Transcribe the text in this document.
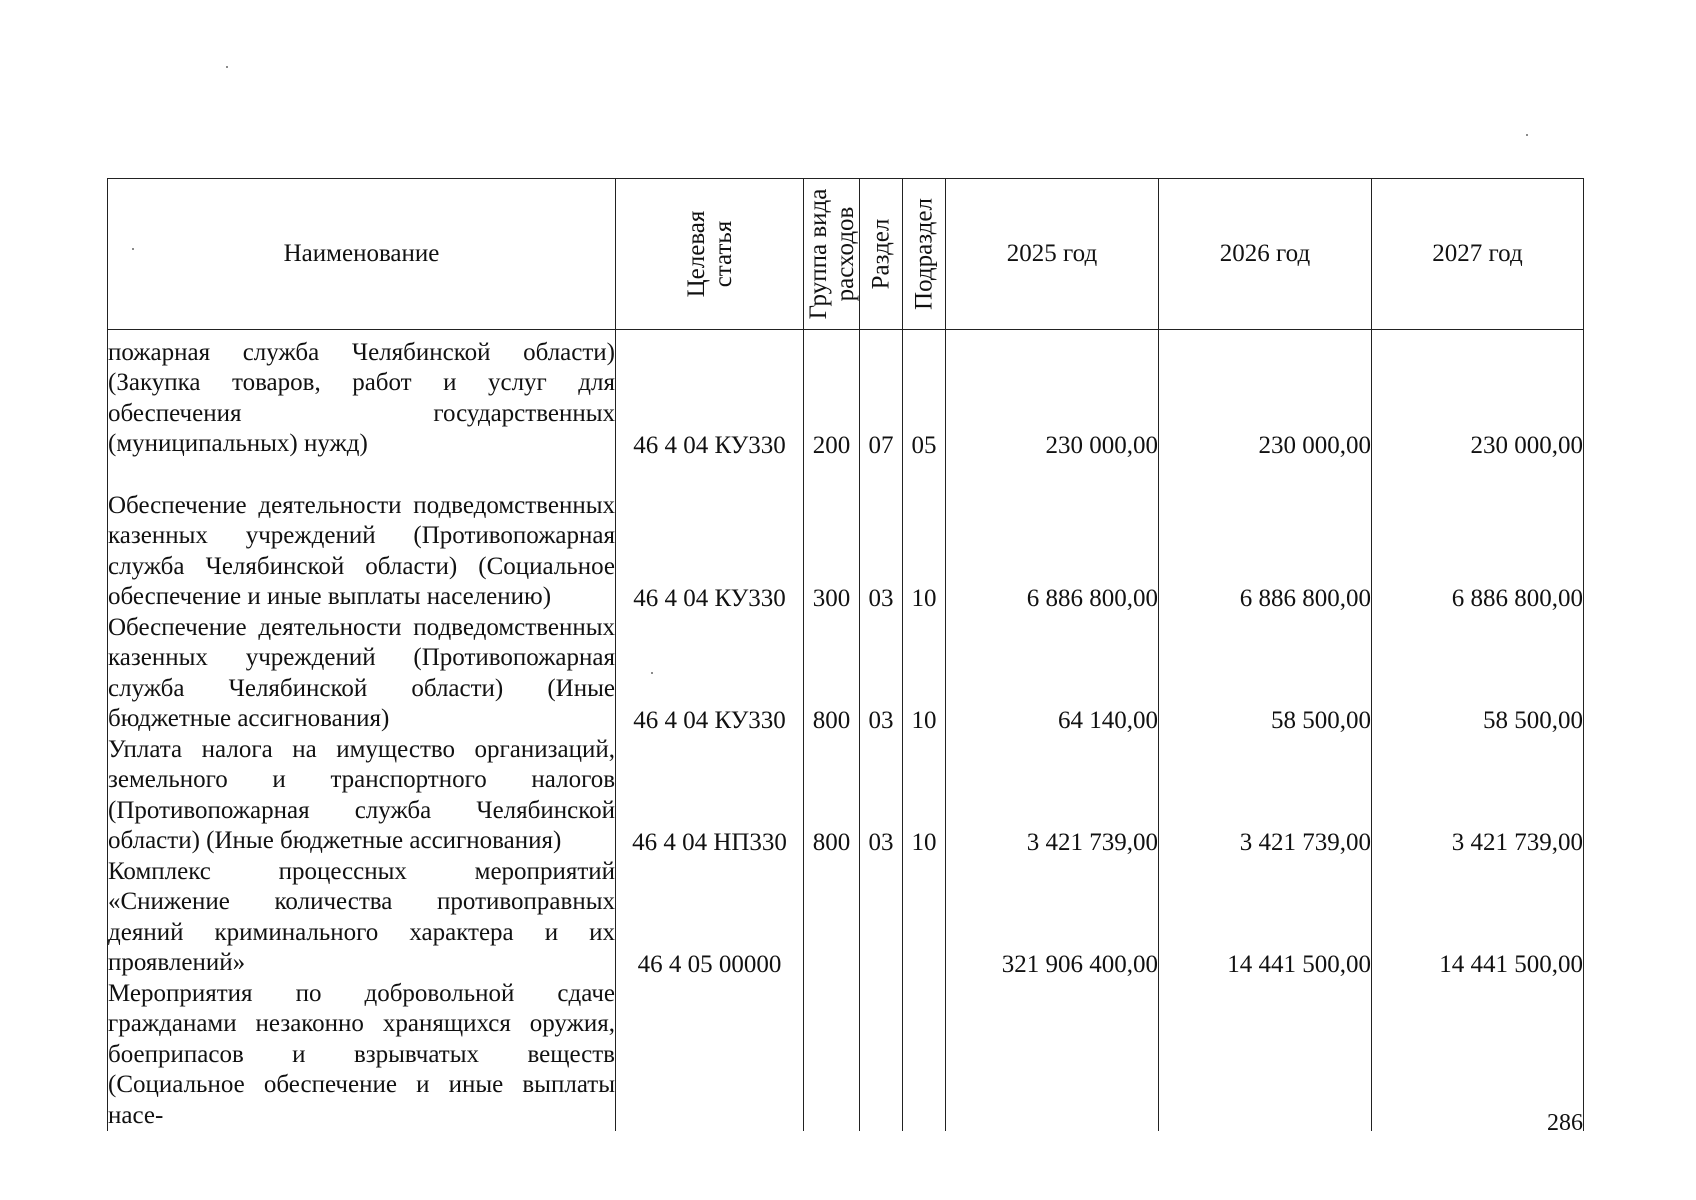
Наименование	Целевая статья	Группа вида расходов	Раздел	Подраздел	2025 год	2026 год	2027 год
пожарная служба Челябинской области) (Закупка товаров, работ и услуг для обеспечения государственных (муниципальных) нужд)	46 4 04 КУ330	200	07	05	230 000,00	230 000,00	230 000,00
Обеспечение деятельности подведомственных казенных учреждений (Противопожарная служба Челябинской области) (Социальное обеспечение и иные выплаты населению)	46 4 04 КУ330	300	03	10	6 886 800,00	6 886 800,00	6 886 800,00
Обеспечение деятельности подведомственных казенных учреждений (Противопожарная служба Челябинской области) (Иные бюджетные ассигнования)	46 4 04 КУ330	800	03	10	64 140,00	58 500,00	58 500,00
Уплата налога на имущество организаций, земельного и транспортного налогов (Противопожарная служба Челябинской области) (Иные бюджетные ассигнования)	46 4 04 НП330	800	03	10	3 421 739,00	3 421 739,00	3 421 739,00
Комплекс процессных мероприятий «Снижение количества противоправных деяний криминального характера и их проявлений»	46 4 05 00000				321 906 400,00	14 441 500,00	14 441 500,00
Мероприятия по добровольной сдаче гражданами незаконно хранящихся оружия, боеприпасов и взрывчатых веществ (Социальное обеспечение и иные выплаты насе-								286
